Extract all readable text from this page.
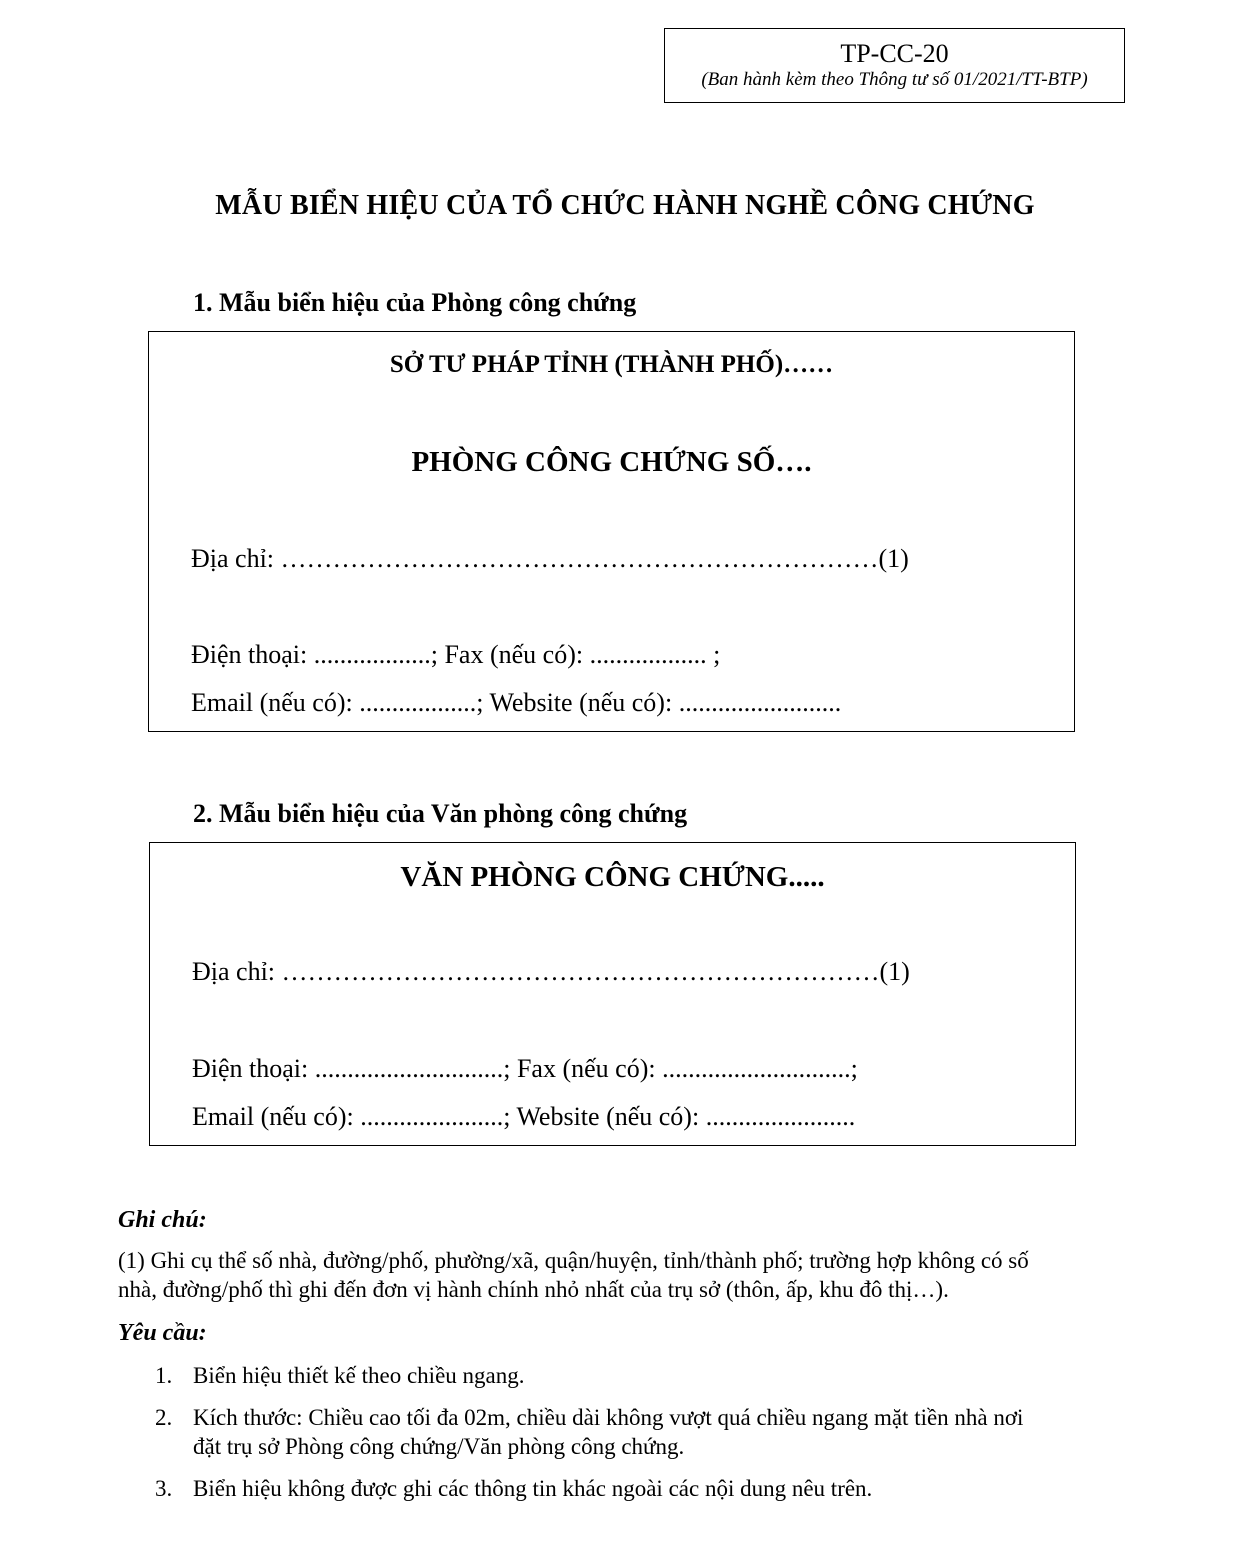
TP-CC-20
(Ban hành kèm theo Thông tư số 01/2021/TT-BTP)
MẪU BIỂN HIỆU CỦA TỔ CHỨC HÀNH NGHỀ CÔNG CHỨNG
1. Mẫu biển hiệu của Phòng công chứng
SỞ TƯ PHÁP TỈNH (THÀNH PHỐ)……
PHÒNG CÔNG CHỨNG SỐ….
Địa chỉ: ……………………………………………………………(1)
Điện thoại: ..................; Fax (nếu có): .................. ;
Email (nếu có): ..................; Website (nếu có): .........................
2. Mẫu biển hiệu của Văn phòng công chứng
VĂN PHÒNG CÔNG CHỨNG.....
Địa chỉ: ……………………………………………………………(1)
Điện thoại: .............................; Fax (nếu có): .............................;
Email (nếu có): ......................; Website (nếu có): .......................
Ghi chú:
(1) Ghi cụ thể số nhà, đường/phố, phường/xã, quận/huyện, tỉnh/thành phố; trường hợp không có số
nhà, đường/phố thì ghi đến đơn vị hành chính nhỏ nhất của trụ sở (thôn, ấp, khu đô thị…).
Yêu cầu:
1. Biển hiệu thiết kế theo chiều ngang.
2. Kích thước: Chiều cao tối đa 02m, chiều dài không vượt quá chiều ngang mặt tiền nhà nơi
đặt trụ sở Phòng công chứng/Văn phòng công chứng.
3. Biển hiệu không được ghi các thông tin khác ngoài các nội dung nêu trên.
